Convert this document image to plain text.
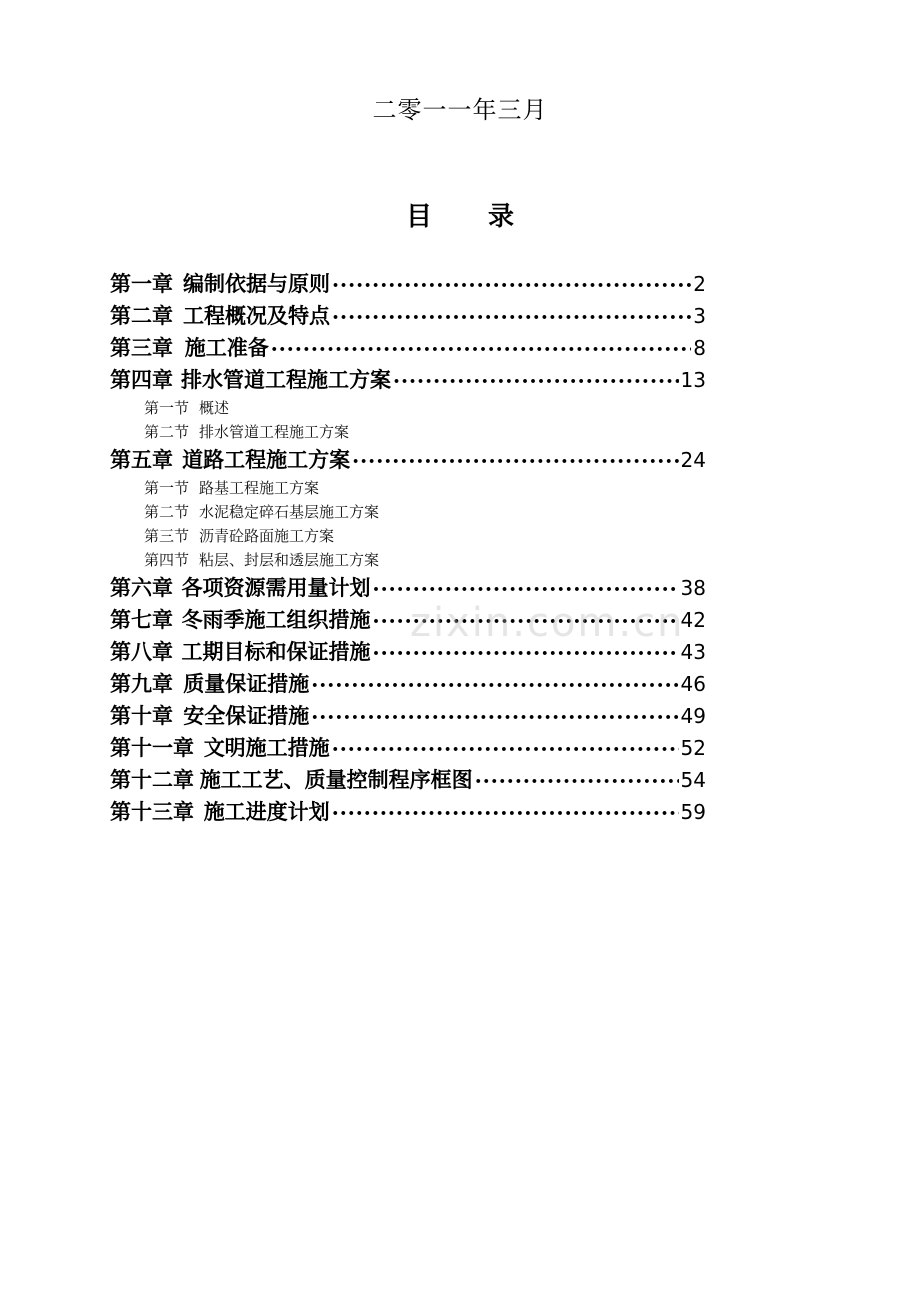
二零一一年三月
目 录
第一章 编制依据与原则 •••••	2
第二章 工程概况及特点 •••••	3
第三章 施工准备 •••••	8
第四章 排水管道工程施工方案 •••••	13
第一节 概述
第二节 排水管道工程施工方案
第五章 道路工程施工方案 •••••	24
第一节 路基工程施工方案
第二节 水泥稳定碎石基层施工方案
第三节 沥青砼路面施工方案
第四节 粘层、封层和透层施工方案
第六章 各项资源需用量计划 •••••	38
第七章 冬雨季施工组织措施 •••••	42
第八章 工期目标和保证措施 •••••	43
第九章 质量保证措施 •••••	46
第十章 安全保证措施 •••••	49
第十一章 文明施工措施 •••••	52
第十二章 施工工艺、质量控制程序框图 •••••	54
第十三章 施工进度计划 •••••	59
zixin.com.cn
